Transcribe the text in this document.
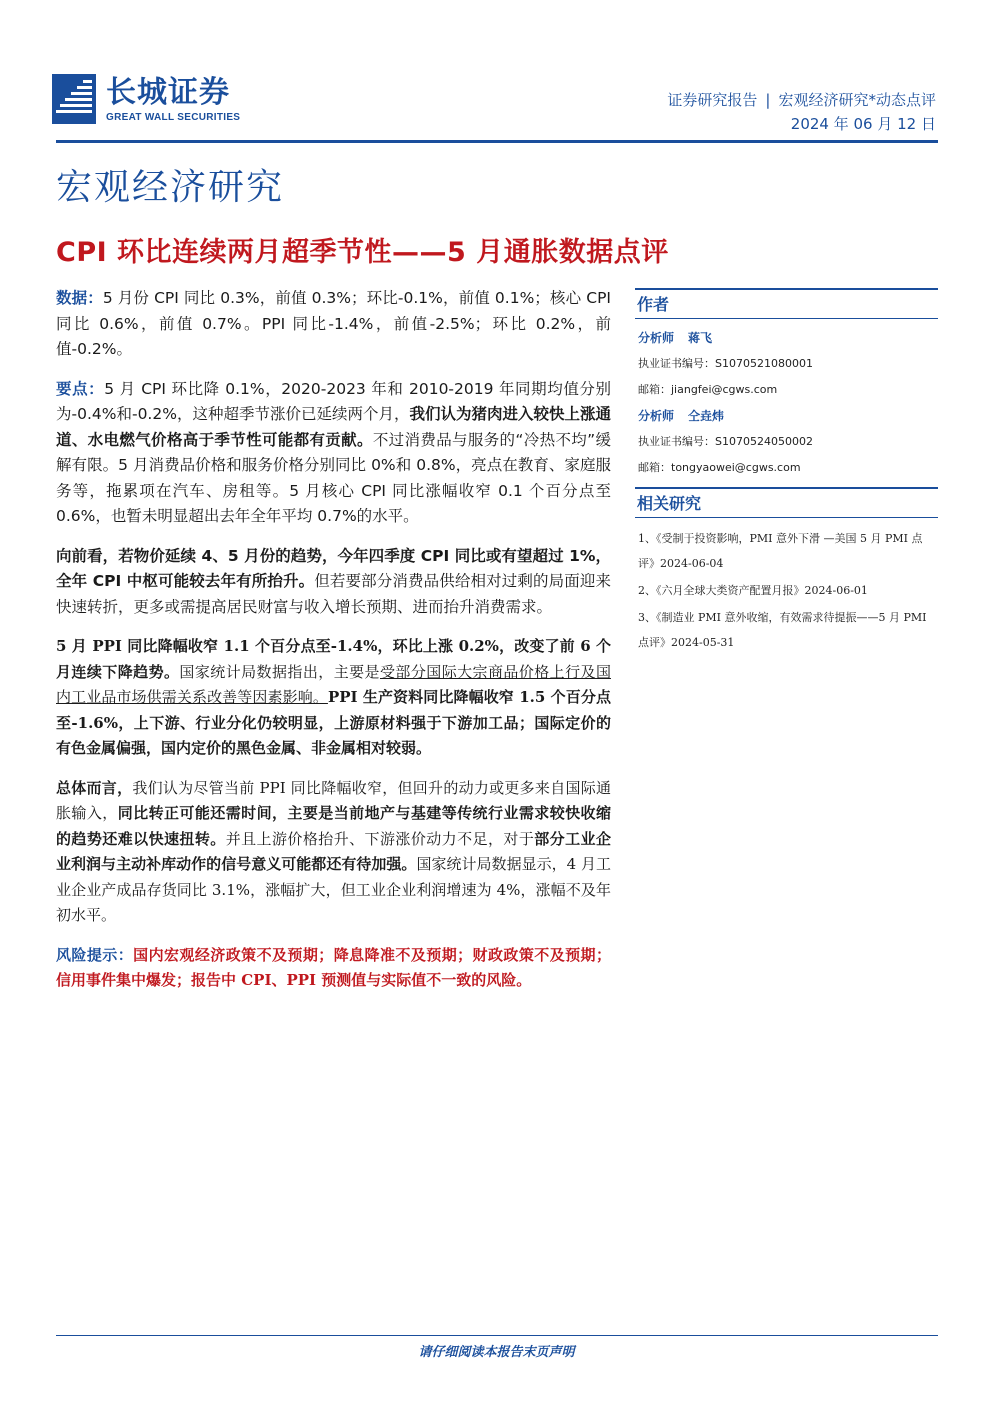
长城证券
GREAT WALL SECURITIES
证券研究报告 | 宏观经济研究*动态点评
2024 年 06 月 12 日
宏观经济研究
CPI 环比连续两月超季节性——5 月通胀数据点评

数据：5 月份 CPI 同比 0.3%，前值 0.3%；环比-0.1%，前值 0.1%；核心 CPI 同比 0.6%，前值 0.7%。PPI 同比-1.4%，前值-2.5%；环比 0.2%，前值-0.2%。

要点：5 月 CPI 环比降 0.1%，2020-2023 年和 2010-2019 年同期均值分别为-0.4%和-0.2%，这种超季节涨价已延续两个月，我们认为猪肉进入较快上涨通道、水电燃气价格高于季节性可能都有贡献。不过消费品与服务的“冷热不均”缓解有限。5 月消费品价格和服务价格分别同比 0%和 0.8%，亮点在教育、家庭服务等，拖累项在汽车、房租等。5 月核心 CPI 同比涨幅收窄 0.1 个百分点至 0.6%，也暂未明显超出去年全年平均 0.7%的水平。

向前看，若物价延续 4、5 月份的趋势，今年四季度 CPI 同比或有望超过 1%，全年 CPI 中枢可能较去年有所抬升。但若要部分消费品供给相对过剩的局面迎来快速转折，更多或需提高居民财富与收入增长预期、进而抬升消费需求。

5 月 PPI 同比降幅收窄 1.1 个百分点至-1.4%，环比上涨 0.2%，改变了前 6 个月连续下降趋势。国家统计局数据指出，主要是受部分国际大宗商品价格上行及国内工业品市场供需关系改善等因素影响。PPI 生产资料同比降幅收窄 1.5 个百分点至-1.6%，上下游、行业分化仍较明显，上游原材料强于下游加工品；国际定价的有色金属偏强，国内定价的黑色金属、非金属相对较弱。

总体而言，我们认为尽管当前 PPI 同比降幅收窄，但回升的动力或更多来自国际通胀输入，同比转正可能还需时间，主要是当前地产与基建等传统行业需求较快收缩的趋势还难以快速扭转。并且上游价格抬升、下游涨价动力不足，对于部分工业企业利润与主动补库动作的信号意义可能都还有待加强。国家统计局数据显示，4 月工业企业产成品存货同比 3.1%，涨幅扩大，但工业企业利润增速为 4%，涨幅不及年初水平。

风险提示：国内宏观经济政策不及预期；降息降准不及预期；财政政策不及预期；信用事件集中爆发；报告中 CPI、PPI 预测值与实际值不一致的风险。

作者
分析师 蒋飞
执业证书编号：S1070521080001
邮箱：jiangfei@cgws.com
分析师 仝垚炜
执业证书编号：S1070524050002
邮箱：tongyaowei@cgws.com
相关研究
1、《受制于投资影响，PMI 意外下滑 —美国 5 月 PMI 点评》2024-06-04
2、《六月全球大类资产配置月报》2024-06-01
3、《制造业 PMI 意外收缩，有效需求待提振——5 月 PMI 点评》2024-05-31
请仔细阅读本报告末页声明
